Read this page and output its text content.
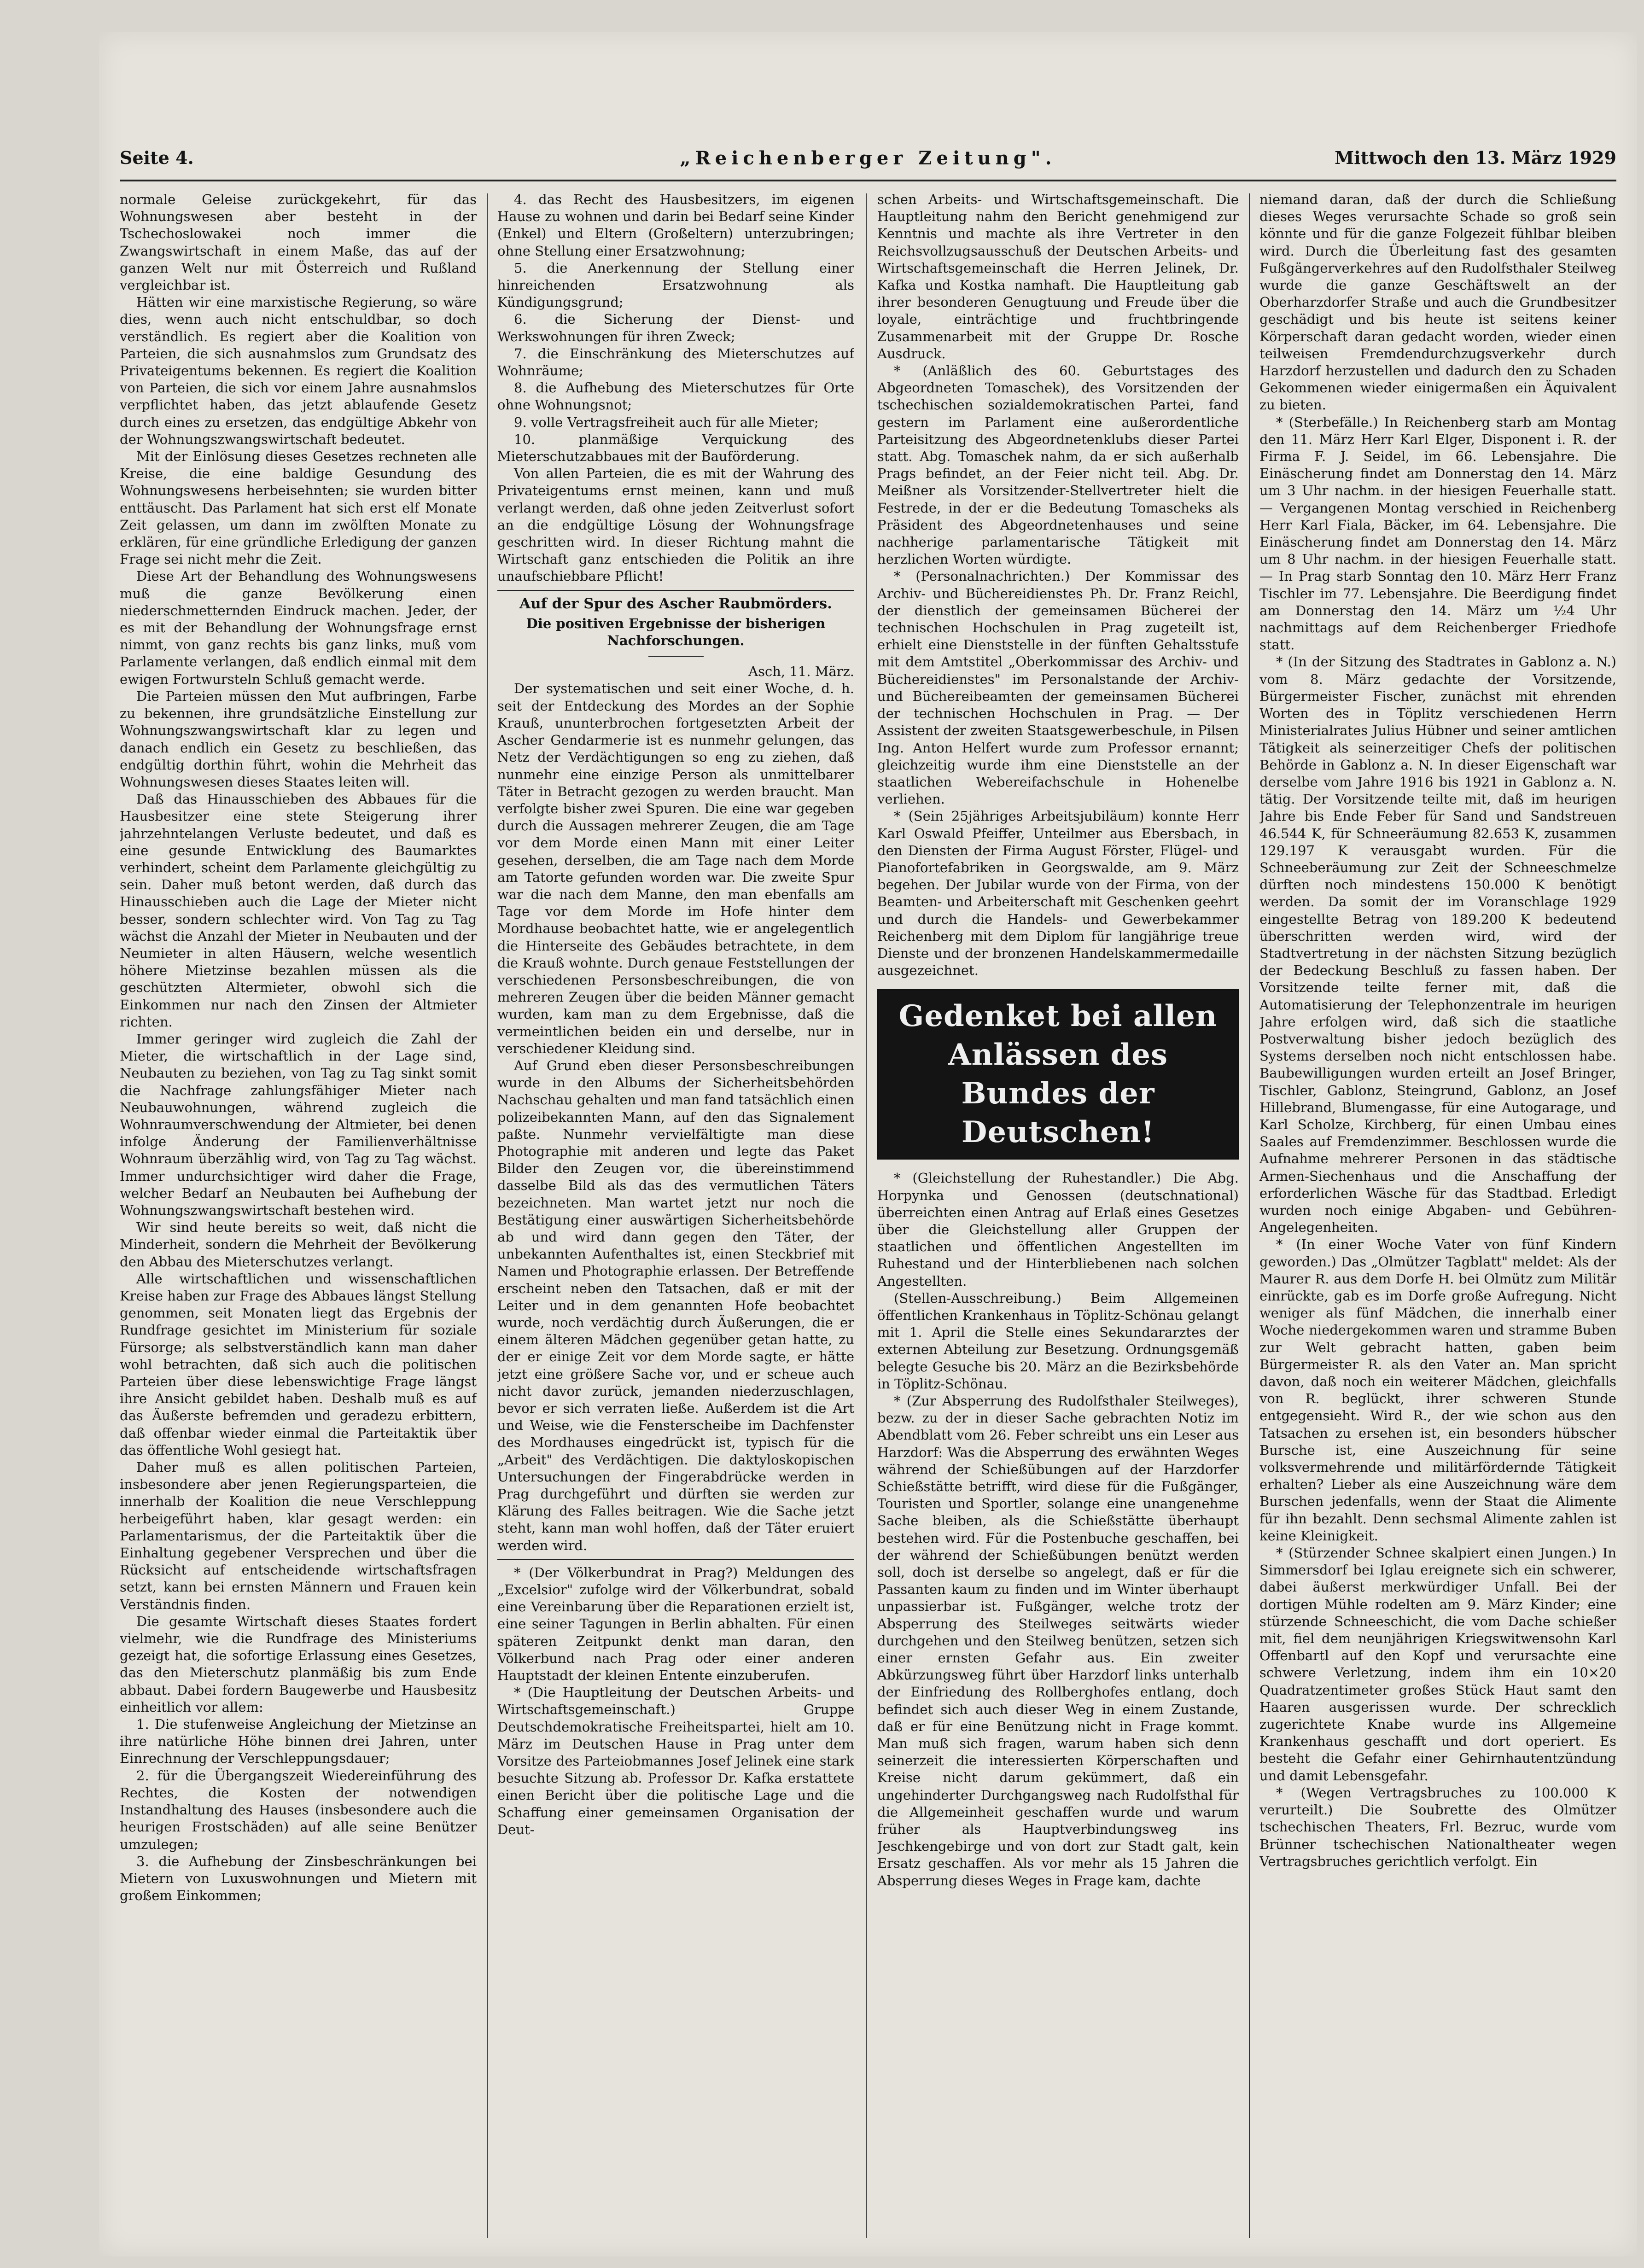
Seite 4.	„Reichenberger Zeitung".	Mittwoch den 13. März 1929

normale Geleise zurückgekehrt, für das Wohnungswesen aber besteht in der Tschechoslowakei noch immer die Zwangswirtschaft in einem Maße, das auf der ganzen Welt nur mit Österreich und Rußland vergleichbar ist.

Hätten wir eine marxistische Regierung, so wäre dies, wenn auch nicht entschuldbar, so doch verständlich. Es regiert aber die Koalition von Parteien, die sich ausnahmslos zum Grundsatz des Privateigentums bekennen. Es regiert die Koalition von Parteien, die sich vor einem Jahre ausnahmslos verpflichtet haben, das jetzt ablaufende Gesetz durch eines zu ersetzen, das endgültige Abkehr von der Wohnungszwangswirtschaft bedeutet.

Mit der Einlösung dieses Gesetzes rechneten alle Kreise, die eine baldige Gesundung des Wohnungswesens herbeisehnten; sie wurden bitter enttäuscht. Das Parlament hat sich erst elf Monate Zeit gelassen, um dann im zwölften Monate zu erklären, für eine gründliche Erledigung der ganzen Frage sei nicht mehr die Zeit.

Diese Art der Behandlung des Wohnungswesens muß die ganze Bevölkerung einen niederschmetternden Eindruck machen. Jeder, der es mit der Behandlung der Wohnungsfrage ernst nimmt, von ganz rechts bis ganz links, muß vom Parlamente verlangen, daß endlich einmal mit dem ewigen Fortwursteln Schluß gemacht werde.

Die Parteien müssen den Mut aufbringen, Farbe zu bekennen, ihre grundsätzliche Einstellung zur Wohnungszwangswirtschaft klar zu legen und danach endlich ein Gesetz zu beschließen, das endgültig dorthin führt, wohin die Mehrheit das Wohnungswesen dieses Staates leiten will.

Daß das Hinausschieben des Abbaues für die Hausbesitzer eine stete Steigerung ihrer jahrzehntelangen Verluste bedeutet, und daß es eine gesunde Entwicklung des Baumarktes verhindert, scheint dem Parlamente gleichgültig zu sein. Daher muß betont werden, daß durch das Hinausschieben auch die Lage der Mieter nicht besser, sondern schlechter wird. Von Tag zu Tag wächst die Anzahl der Mieter in Neubauten und der Neumieter in alten Häusern, welche wesentlich höhere Mietzinse bezahlen müssen als die geschützten Altermieter, obwohl sich die Einkommen nur nach den Zinsen der Altmieter richten.

Immer geringer wird zugleich die Zahl der Mieter, die wirtschaftlich in der Lage sind, Neubauten zu beziehen, von Tag zu Tag sinkt somit die Nachfrage zahlungsfähiger Mieter nach Neubauwohnungen, während zugleich die Wohnraumverschwendung der Altmieter, bei denen infolge Änderung der Familienverhältnisse Wohnraum überzählig wird, von Tag zu Tag wächst. Immer undurchsichtiger wird daher die Frage, welcher Bedarf an Neubauten bei Aufhebung der Wohnungszwangswirtschaft bestehen wird.

Wir sind heute bereits so weit, daß nicht die Minderheit, sondern die Mehrheit der Bevölkerung den Abbau des Mieterschutzes verlangt.

Alle wirtschaftlichen und wissenschaftlichen Kreise haben zur Frage des Abbaues längst Stellung genommen, seit Monaten liegt das Ergebnis der Rundfrage gesichtet im Ministerium für soziale Fürsorge; als selbstverständlich kann man daher wohl betrachten, daß sich auch die politischen Parteien über diese lebenswichtige Frage längst ihre Ansicht gebildet haben. Deshalb muß es auf das Äußerste befremden und geradezu erbittern, daß offenbar wieder einmal die Parteitaktik über das öffentliche Wohl gesiegt hat.

Daher muß es allen politischen Parteien, insbesondere aber jenen Regierungsparteien, die innerhalb der Koalition die neue Verschleppung herbeigeführt haben, klar gesagt werden: ein Parlamentarismus, der die Parteitaktik über die Einhaltung gegebener Versprechen und über die Rücksicht auf entscheidende wirtschaftsfragen setzt, kann bei ernsten Männern und Frauen kein Verständnis finden.

Die gesamte Wirtschaft dieses Staates fordert vielmehr, wie die Rundfrage des Ministeriums gezeigt hat, die sofortige Erlassung eines Gesetzes, das den Mieterschutz planmäßig bis zum Ende abbaut. Dabei fordern Baugewerbe und Hausbesitz einheitlich vor allem:

1. Die stufenweise Angleichung der Mietzinse an ihre natürliche Höhe binnen drei Jahren, unter Einrechnung der Verschleppungsdauer;

2. für die Übergangszeit Wiedereinführung des Rechtes, die Kosten der notwendigen Instandhaltung des Hauses (insbesondere auch die heurigen Frostschäden) auf alle seine Benützer umzulegen;

3. die Aufhebung der Zinsbeschränkungen bei Mietern von Luxuswohnungen und Mietern mit großem Einkommen;

4. das Recht des Hausbesitzers, im eigenen Hause zu wohnen und darin bei Bedarf seine Kinder (Enkel) und Eltern (Großeltern) unterzubringen; ohne Stellung einer Ersatzwohnung;

5. die Anerkennung der Stellung einer hinreichenden Ersatzwohnung als Kündigungsgrund;

6. die Sicherung der Dienst- und Werkswohnungen für ihren Zweck;

7. die Einschränkung des Mieterschutzes auf Wohnräume;

8. die Aufhebung des Mieterschutzes für Orte ohne Wohnungsnot;

9. volle Vertragsfreiheit auch für alle Mieter;

10. planmäßige Verquickung des Mieterschutzabbaues mit der Bauförderung.

Von allen Parteien, die es mit der Wahrung des Privateigentums ernst meinen, kann und muß verlangt werden, daß ohne jeden Zeitverlust sofort an die endgültige Lösung der Wohnungsfrage geschritten wird. In dieser Richtung mahnt die Wirtschaft ganz entschieden die Politik an ihre unaufschiebbare Pflicht!

Auf der Spur des Ascher Raubmörders.

Die positiven Ergebnisse der bisherigen Nachforschungen.

Asch, 11. März.

Der systematischen und seit einer Woche, d. h. seit der Entdeckung des Mordes an der Sophie Krauß, ununterbrochen fortgesetzten Arbeit der Ascher Gendarmerie ist es nunmehr gelungen, das Netz der Verdächtigungen so eng zu ziehen, daß nunmehr eine einzige Person als unmittelbarer Täter in Betracht gezogen zu werden braucht. Man verfolgte bisher zwei Spuren. Die eine war gegeben durch die Aussagen mehrerer Zeugen, die am Tage vor dem Morde einen Mann mit einer Leiter gesehen, derselben, die am Tage nach dem Morde am Tatorte gefunden worden war. Die zweite Spur war die nach dem Manne, den man ebenfalls am Tage vor dem Morde im Hofe hinter dem Mordhause beobachtet hatte, wie er angelegentlich die Hinterseite des Gebäudes betrachtete, in dem die Krauß wohnte. Durch genaue Feststellungen der verschiedenen Personsbeschreibungen, die von mehreren Zeugen über die beiden Männer gemacht wurden, kam man zu dem Ergebnisse, daß die vermeintlichen beiden ein und derselbe, nur in verschiedener Kleidung sind.

Auf Grund eben dieser Personsbeschreibungen wurde in den Albums der Sicherheitsbehörden Nachschau gehalten und man fand tatsächlich einen polizeibekannten Mann, auf den das Signalement paßte. Nunmehr vervielfältigte man diese Photographie mit anderen und legte das Paket Bilder den Zeugen vor, die übereinstimmend dasselbe Bild als das des vermutlichen Täters bezeichneten. Man wartet jetzt nur noch die Bestätigung einer auswärtigen Sicherheitsbehörde ab und wird dann gegen den Täter, der unbekannten Aufenthaltes ist, einen Steckbrief mit Namen und Photographie erlassen. Der Betreffende erscheint neben den Tatsachen, daß er mit der Leiter und in dem genannten Hofe beobachtet wurde, noch verdächtig durch Äußerungen, die er einem älteren Mädchen gegenüber getan hatte, zu der er einige Zeit vor dem Morde sagte, er hätte jetzt eine größere Sache vor, und er scheue auch nicht davor zurück, jemanden niederzuschlagen, bevor er sich verraten ließe. Außerdem ist die Art und Weise, wie die Fensterscheibe im Dachfenster des Mordhauses eingedrückt ist, typisch für die „Arbeit" des Verdächtigen. Die daktyloskopischen Untersuchungen der Fingerabdrücke werden in Prag durchgeführt und dürften sie werden zur Klärung des Falles beitragen. Wie die Sache jetzt steht, kann man wohl hoffen, daß der Täter eruiert werden wird.

* (Der Völkerbundrat in Prag?) Meldungen des „Excelsior" zufolge wird der Völkerbundrat, sobald eine Vereinbarung über die Reparationen erzielt ist, eine seiner Tagungen in Berlin abhalten. Für einen späteren Zeitpunkt denkt man daran, den Völkerbund nach Prag oder einer anderen Hauptstadt der kleinen Entente einzuberufen.

* (Die Hauptleitung der Deutschen Arbeits- und Wirtschaftsgemeinschaft.) Gruppe Deutschdemokratische Freiheitspartei, hielt am 10. März im Deutschen Hause in Prag unter dem Vorsitze des Parteiobmannes Josef Jelinek eine stark besuchte Sitzung ab. Professor Dr. Kafka erstattete einen Bericht über die politische Lage und die Schaffung einer gemeinsamen Organisation der Deut-

schen Arbeits- und Wirtschaftsgemeinschaft. Die Hauptleitung nahm den Bericht genehmigend zur Kenntnis und machte als ihre Vertreter in den Reichsvollzugsausschuß der Deutschen Arbeits- und Wirtschaftsgemeinschaft die Herren Jelinek, Dr. Kafka und Kostka namhaft. Die Hauptleitung gab ihrer besonderen Genugtuung und Freude über die loyale, einträchtige und fruchtbringende Zusammenarbeit mit der Gruppe Dr. Rosche Ausdruck.

* (Anläßlich des 60. Geburtstages des Abgeordneten Tomaschek), des Vorsitzenden der tschechischen sozialdemokratischen Partei, fand gestern im Parlament eine außerordentliche Parteisitzung des Abgeordnetenklubs dieser Partei statt. Abg. Tomaschek nahm, da er sich außerhalb Prags befindet, an der Feier nicht teil. Abg. Dr. Meißner als Vorsitzender-Stellvertreter hielt die Festrede, in der er die Bedeutung Tomascheks als Präsident des Abgeordnetenhauses und seine nachherige parlamentarische Tätigkeit mit herzlichen Worten würdigte.

* (Personalnachrichten.) Der Kommissar des Archiv- und Büchereidienstes Ph. Dr. Franz Reichl, der dienstlich der gemeinsamen Bücherei der technischen Hochschulen in Prag zugeteilt ist, erhielt eine Dienststelle in der fünften Gehaltsstufe mit dem Amtstitel „Oberkommissar des Archiv- und Büchereidienstes" im Personalstande der Archiv- und Büchereibeamten der gemeinsamen Bücherei der technischen Hochschulen in Prag. — Der Assistent der zweiten Staatsgewerbeschule, in Pilsen Ing. Anton Helfert wurde zum Professor ernannt; gleichzeitig wurde ihm eine Dienststelle an der staatlichen Webereifachschule in Hohenelbe verliehen.

* (Sein 25jähriges Arbeitsjubiläum) konnte Herr Karl Oswald Pfeiffer, Unteilmer aus Ebersbach, in den Diensten der Firma August Förster, Flügel- und Pianofortefabriken in Georgswalde, am 9. März begehen. Der Jubilar wurde von der Firma, von der Beamten- und Arbeiterschaft mit Geschenken geehrt und durch die Handels- und Gewerbekammer Reichenberg mit dem Diplom für langjährige treue Dienste und der bronzenen Handelskammermedaille ausgezeichnet.

Gedenket bei allen Anlässen des Bundes der Deutschen!

* (Gleichstellung der Ruhestandler.) Die Abg. Horpynka und Genossen (deutschnational) überreichten einen Antrag auf Erlaß eines Gesetzes über die Gleichstellung aller Gruppen der staatlichen und öffentlichen Angestellten im Ruhestand und der Hinterbliebenen nach solchen Angestellten.

(Stellen-Ausschreibung.) Beim Allgemeinen öffentlichen Krankenhaus in Töplitz-Schönau gelangt mit 1. April die Stelle eines Sekundararztes der externen Abteilung zur Besetzung. Ordnungsgemäß belegte Gesuche bis 20. März an die Bezirksbehörde in Töplitz-Schönau.

* (Zur Absperrung des Rudolfsthaler Steilweges), bezw. zu der in dieser Sache gebrachten Notiz im Abendblatt vom 26. Feber schreibt uns ein Leser aus Harzdorf: Was die Absperrung des erwähnten Weges während der Schießübungen auf der Harzdorfer Schießstätte betrifft, wird diese für die Fußgänger, Touristen und Sportler, solange eine unangenehme Sache bleiben, als die Schießstätte überhaupt bestehen wird. Für die Postenbuche geschaffen, bei der während der Schießübungen benützt werden soll, doch ist derselbe so angelegt, daß er für die Passanten kaum zu finden und im Winter überhaupt unpassierbar ist. Fußgänger, welche trotz der Absperrung des Steilweges seitwärts wieder durchgehen und den Steilweg benützen, setzen sich einer ernsten Gefahr aus. Ein zweiter Abkürzungsweg führt über Harzdorf links unterhalb der Einfriedung des Rollberghofes entlang, doch befindet sich auch dieser Weg in einem Zustande, daß er für eine Benützung nicht in Frage kommt. Man muß sich fragen, warum haben sich denn seinerzeit die interessierten Körperschaften und Kreise nicht darum gekümmert, daß ein ungehinderter Durchgangsweg nach Rudolfsthal für die Allgemeinheit geschaffen wurde und warum früher als Hauptverbindungsweg ins Jeschkengebirge und von dort zur Stadt galt, kein Ersatz geschaffen. Als vor mehr als 15 Jahren die Absperrung dieses Weges in Frage kam, dachte

niemand daran, daß der durch die Schließung dieses Weges verursachte Schade so groß sein könnte und für die ganze Folgezeit fühlbar bleiben wird. Durch die Überleitung fast des gesamten Fußgängerverkehres auf den Rudolfsthaler Steilweg wurde die ganze Geschäftswelt an der Oberharzdorfer Straße und auch die Grundbesitzer geschädigt und bis heute ist seitens keiner Körperschaft daran gedacht worden, wieder einen teilweisen Fremdendurchzugsverkehr durch Harzdorf herzustellen und dadurch den zu Schaden Gekommenen wieder einigermaßen ein Äquivalent zu bieten.

* (Sterbefälle.) In Reichenberg starb am Montag den 11. März Herr Karl Elger, Disponent i. R. der Firma F. J. Seidel, im 66. Lebensjahre. Die Einäscherung findet am Donnerstag den 14. März um 3 Uhr nachm. in der hiesigen Feuerhalle statt. — Vergangenen Montag verschied in Reichenberg Herr Karl Fiala, Bäcker, im 64. Lebensjahre. Die Einäscherung findet am Donnerstag den 14. März um 8 Uhr nachm. in der hiesigen Feuerhalle statt. — In Prag starb Sonntag den 10. März Herr Franz Tischler im 77. Lebensjahre. Die Beerdigung findet am Donnerstag den 14. März um ½4 Uhr nachmittags auf dem Reichenberger Friedhofe statt.

* (In der Sitzung des Stadtrates in Gablonz a. N.) vom 8. März gedachte der Vorsitzende, Bürgermeister Fischer, zunächst mit ehrenden Worten des in Töplitz verschiedenen Herrn Ministerialrates Julius Hübner und seiner amtlichen Tätigkeit als seinerzeitiger Chefs der politischen Behörde in Gablonz a. N. In dieser Eigenschaft war derselbe vom Jahre 1916 bis 1921 in Gablonz a. N. tätig. Der Vorsitzende teilte mit, daß im heurigen Jahre bis Ende Feber für Sand und Sandstreuen 46.544 K, für Schneeräumung 82.653 K, zusammen 129.197 K verausgabt wurden. Für die Schneeberäumung zur Zeit der Schneeschmelze dürften noch mindestens 150.000 K benötigt werden. Da somit der im Voranschlage 1929 eingestellte Betrag von 189.200 K bedeutend überschritten werden wird, wird der Stadtvertretung in der nächsten Sitzung bezüglich der Bedeckung Beschluß zu fassen haben. Der Vorsitzende teilte ferner mit, daß die Automatisierung der Telephonzentrale im heurigen Jahre erfolgen wird, daß sich die staatliche Postverwaltung bisher jedoch bezüglich des Systems derselben noch nicht entschlossen habe. Baubewilligungen wurden erteilt an Josef Bringer, Tischler, Gablonz, Steingrund, Gablonz, an Josef Hillebrand, Blumengasse, für eine Autogarage, und Karl Scholze, Kirchberg, für einen Umbau eines Saales auf Fremdenzimmer. Beschlossen wurde die Aufnahme mehrerer Personen in das städtische Armen-Siechenhaus und die Anschaffung der erforderlichen Wäsche für das Stadtbad. Erledigt wurden noch einige Abgaben- und Gebühren-Angelegenheiten.

* (In einer Woche Vater von fünf Kindern geworden.) Das „Olmützer Tagblatt" meldet: Als der Maurer R. aus dem Dorfe H. bei Olmütz zum Militär einrückte, gab es im Dorfe große Aufregung. Nicht weniger als fünf Mädchen, die innerhalb einer Woche niedergekommen waren und stramme Buben zur Welt gebracht hatten, gaben beim Bürgermeister R. als den Vater an. Man spricht davon, daß noch ein weiterer Mädchen, gleichfalls von R. beglückt, ihrer schweren Stunde entgegensieht. Wird R., der wie schon aus den Tatsachen zu ersehen ist, ein besonders hübscher Bursche ist, eine Auszeichnung für seine volksvermehrende und militärfördernde Tätigkeit erhalten? Lieber als eine Auszeichnung wäre dem Burschen jedenfalls, wenn der Staat die Alimente für ihn bezahlt. Denn sechsmal Alimente zahlen ist keine Kleinigkeit.

* (Stürzender Schnee skalpiert einen Jungen.) In Simmersdorf bei Iglau ereignete sich ein schwerer, dabei äußerst merkwürdiger Unfall. Bei der dortigen Mühle rodelten am 9. März Kinder; eine stürzende Schneeschicht, die vom Dache schießer mit, fiel dem neunjährigen Kriegswitwensohn Karl Offenbartl auf den Kopf und verursachte eine schwere Verletzung, indem ihm ein 10×20 Quadratzentimeter großes Stück Haut samt den Haaren ausgerissen wurde. Der schrecklich zugerichtete Knabe wurde ins Allgemeine Krankenhaus geschafft und dort operiert. Es besteht die Gefahr einer Gehirnhautentzündung und damit Lebensgefahr.

* (Wegen Vertragsbruches zu 100.000 K verurteilt.) Die Soubrette des Olmützer tschechischen Theaters, Frl. Bezruc, wurde vom Brünner tschechischen Nationaltheater wegen Vertragsbruches gerichtlich verfolgt. Ein
